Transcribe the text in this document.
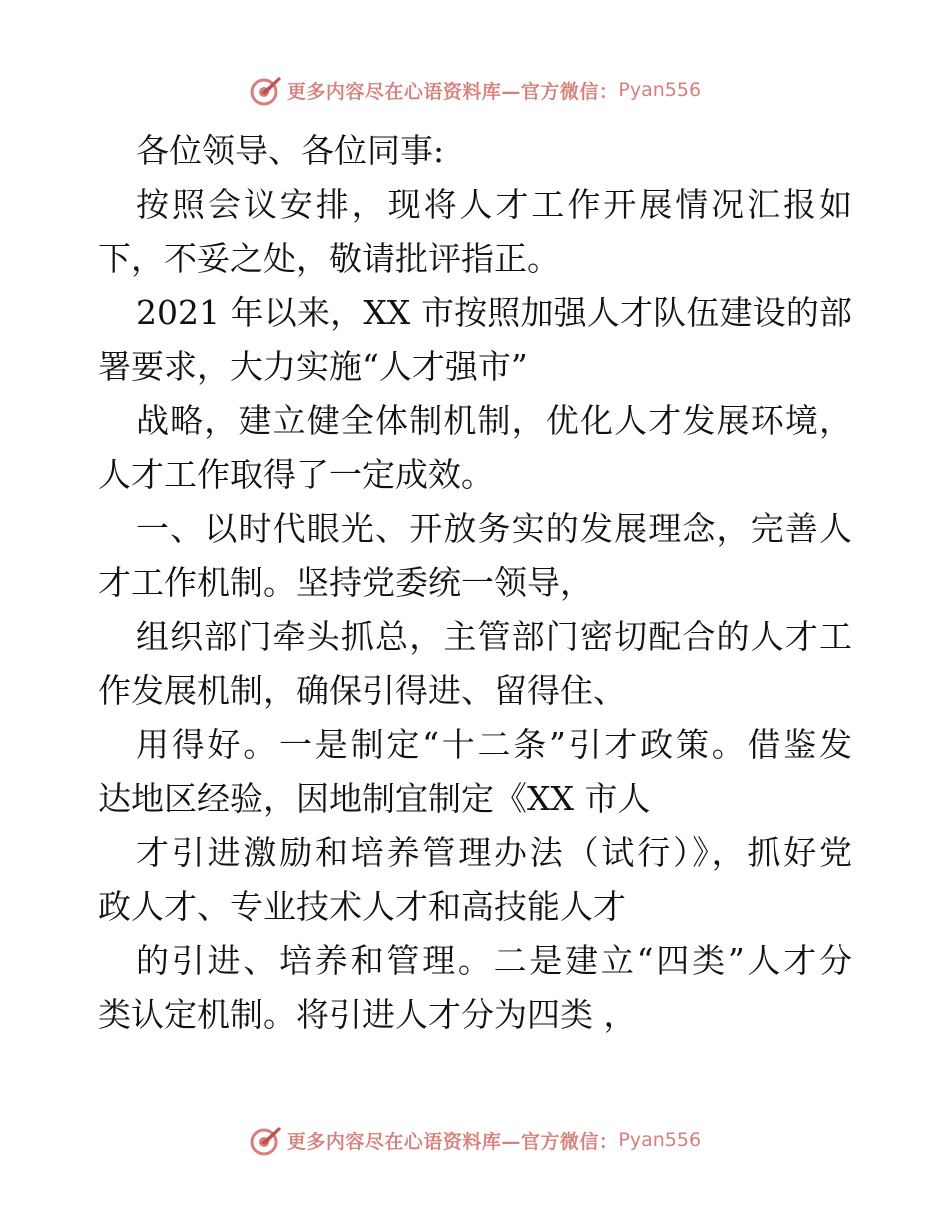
更多内容尽在心语资料库—官方微信： Pyan556
各位领导、各位同事:
按照会议安排，现将人才工作开展情况汇报如
下，不妥之处，敬请批评指正。
2021 年以来，XX 市按照加强人才队伍建设的部
署要求，大力实施“人才强市”
战略，建立健全体制机制，优化人才发展环境，
人才工作取得了一定成效。
一、以时代眼光、开放务实的发展理念，完善人
才工作机制。坚持党委统一领导，
组织部门牵头抓总，主管部门密切配合的人才工
作发展机制，确保引得进、留得住、
用得好。一是制定“十二条”引才政策。借鉴发
达地区经验，因地制宜制定《XX 市人
才引进激励和培养管理办法（试行）》，抓好党
政人才、专业技术人才和高技能人才
的引进、培养和管理。二是建立“四类”人才分
类认定机制。将引进人才分为四类 ，
更多内容尽在心语资料库—官方微信： Pyan556
